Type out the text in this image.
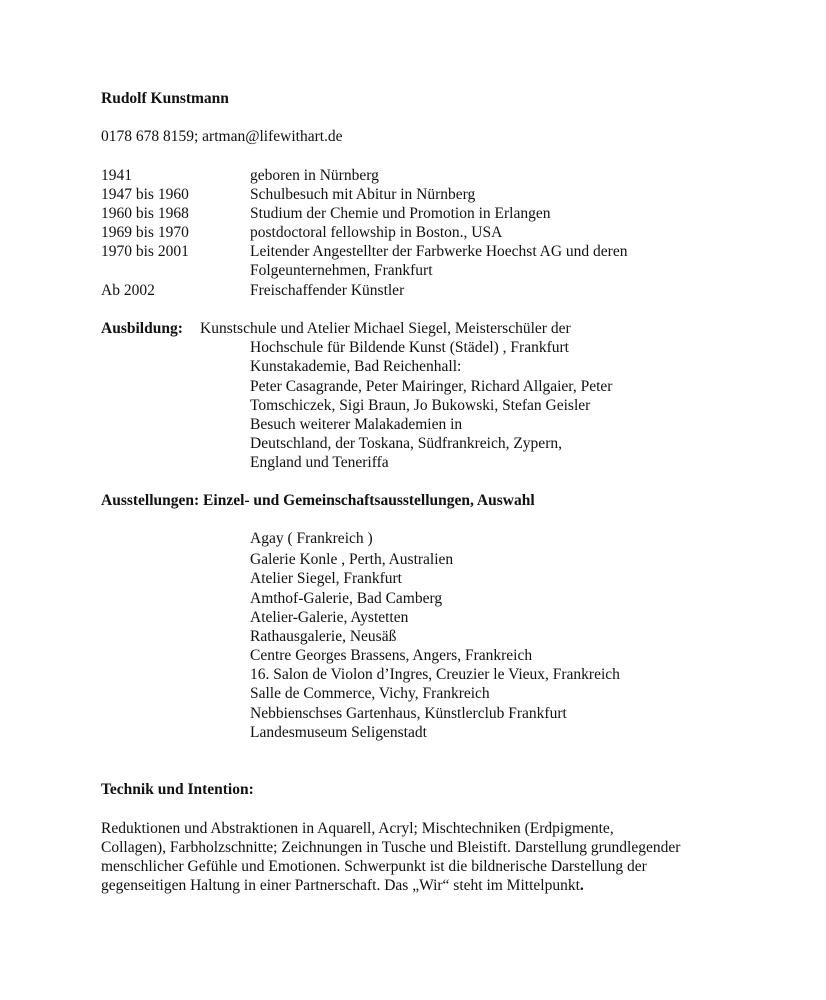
Rudolf Kunstmann
0178 678 8159; artman@lifewithart.de
1941	geboren in Nürnberg
1947 bis 1960	Schulbesuch mit Abitur in Nürnberg
1960 bis 1968	Studium der Chemie und Promotion in Erlangen
1969 bis 1970	postdoctoral fellowship in Boston., USA
1970 bis 2001	Leitender Angestellter der Farbwerke Hoechst AG und deren
Folgeunternehmen, Frankfurt
Ab 2002	Freischaffender Künstler
Ausbildung: Kunstschule und Atelier Michael Siegel, Meisterschüler der
Hochschule für Bildende Kunst (Städel) , Frankfurt
Kunstakademie, Bad Reichenhall:
Peter Casagrande, Peter Mairinger, Richard Allgaier, Peter
Tomschiczek, Sigi Braun, Jo Bukowski, Stefan Geisler
Besuch weiterer Malakademien in
Deutschland, der Toskana, Südfrankreich, Zypern,
England und Teneriffa
Ausstellungen: Einzel- und Gemeinschaftsausstellungen, Auswahl
Agay ( Frankreich )
Galerie Konle , Perth, Australien
Atelier Siegel, Frankfurt
Amthof-Galerie, Bad Camberg
Atelier-Galerie, Aystetten
Rathausgalerie, Neusäß
Centre Georges Brassens, Angers, Frankreich
16. Salon de Violon d’Ingres, Creuzier le Vieux, Frankreich
Salle de Commerce, Vichy, Frankreich
Nebbienschses Gartenhaus, Künstlerclub Frankfurt
Landesmuseum Seligenstadt
Technik und Intention:
Reduktionen und Abstraktionen in Aquarell, Acryl; Mischtechniken (Erdpigmente,
Collagen), Farbholzschnitte; Zeichnungen in Tusche und Bleistift. Darstellung grundlegender
menschlicher Gefühle und Emotionen. Schwerpunkt ist die bildnerische Darstellung der
gegenseitigen Haltung in einer Partnerschaft. Das „Wir“ steht im Mittelpunkt.
